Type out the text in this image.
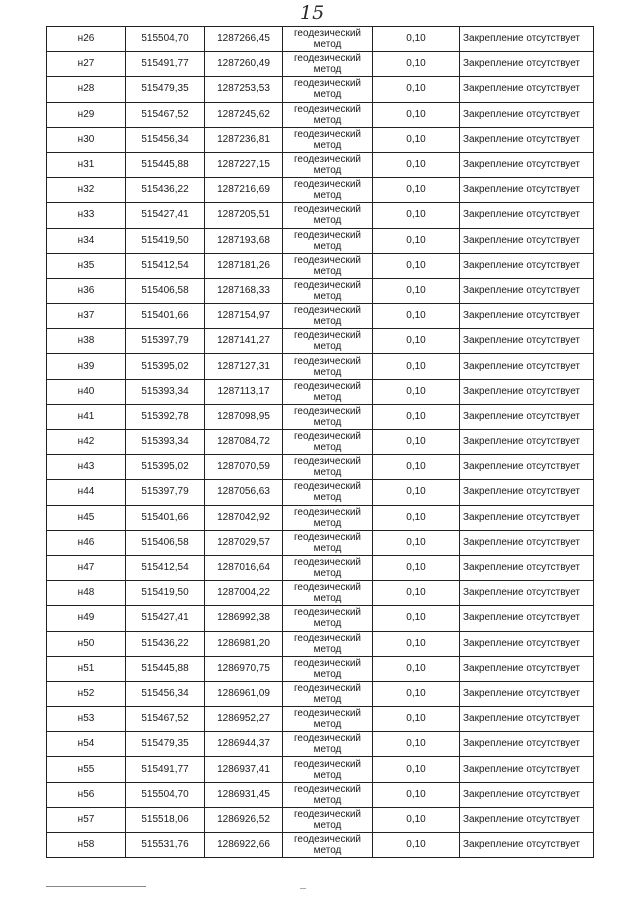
15
н26	515504,70	1287266,45	геодезический метод	0,10	Закрепление отсутствует
н27	515491,77	1287260,49	геодезический метод	0,10	Закрепление отсутствует
н28	515479,35	1287253,53	геодезический метод	0,10	Закрепление отсутствует
н29	515467,52	1287245,62	геодезический метод	0,10	Закрепление отсутствует
н30	515456,34	1287236,81	геодезический метод	0,10	Закрепление отсутствует
н31	515445,88	1287227,15	геодезический метод	0,10	Закрепление отсутствует
н32	515436,22	1287216,69	геодезический метод	0,10	Закрепление отсутствует
н33	515427,41	1287205,51	геодезический метод	0,10	Закрепление отсутствует
н34	515419,50	1287193,68	геодезический метод	0,10	Закрепление отсутствует
н35	515412,54	1287181,26	геодезический метод	0,10	Закрепление отсутствует
н36	515406,58	1287168,33	геодезический метод	0,10	Закрепление отсутствует
н37	515401,66	1287154,97	геодезический метод	0,10	Закрепление отсутствует
н38	515397,79	1287141,27	геодезический метод	0,10	Закрепление отсутствует
н39	515395,02	1287127,31	геодезический метод	0,10	Закрепление отсутствует
н40	515393,34	1287113,17	геодезический метод	0,10	Закрепление отсутствует
н41	515392,78	1287098,95	геодезический метод	0,10	Закрепление отсутствует
н42	515393,34	1287084,72	геодезический метод	0,10	Закрепление отсутствует
н43	515395,02	1287070,59	геодезический метод	0,10	Закрепление отсутствует
н44	515397,79	1287056,63	геодезический метод	0,10	Закрепление отсутствует
н45	515401,66	1287042,92	геодезический метод	0,10	Закрепление отсутствует
н46	515406,58	1287029,57	геодезический метод	0,10	Закрепление отсутствует
н47	515412,54	1287016,64	геодезический метод	0,10	Закрепление отсутствует
н48	515419,50	1287004,22	геодезический метод	0,10	Закрепление отсутствует
н49	515427,41	1286992,38	геодезический метод	0,10	Закрепление отсутствует
н50	515436,22	1286981,20	геодезический метод	0,10	Закрепление отсутствует
н51	515445,88	1286970,75	геодезический метод	0,10	Закрепление отсутствует
н52	515456,34	1286961,09	геодезический метод	0,10	Закрепление отсутствует
н53	515467,52	1286952,27	геодезический метод	0,10	Закрепление отсутствует
н54	515479,35	1286944,37	геодезический метод	0,10	Закрепление отсутствует
н55	515491,77	1286937,41	геодезический метод	0,10	Закрепление отсутствует
н56	515504,70	1286931,45	геодезический метод	0,10	Закрепление отсутствует
н57	515518,06	1286926,52	геодезический метод	0,10	Закрепление отсутствует
н58	515531,76	1286922,66	геодезический метод	0,10	Закрепление отсутствует
